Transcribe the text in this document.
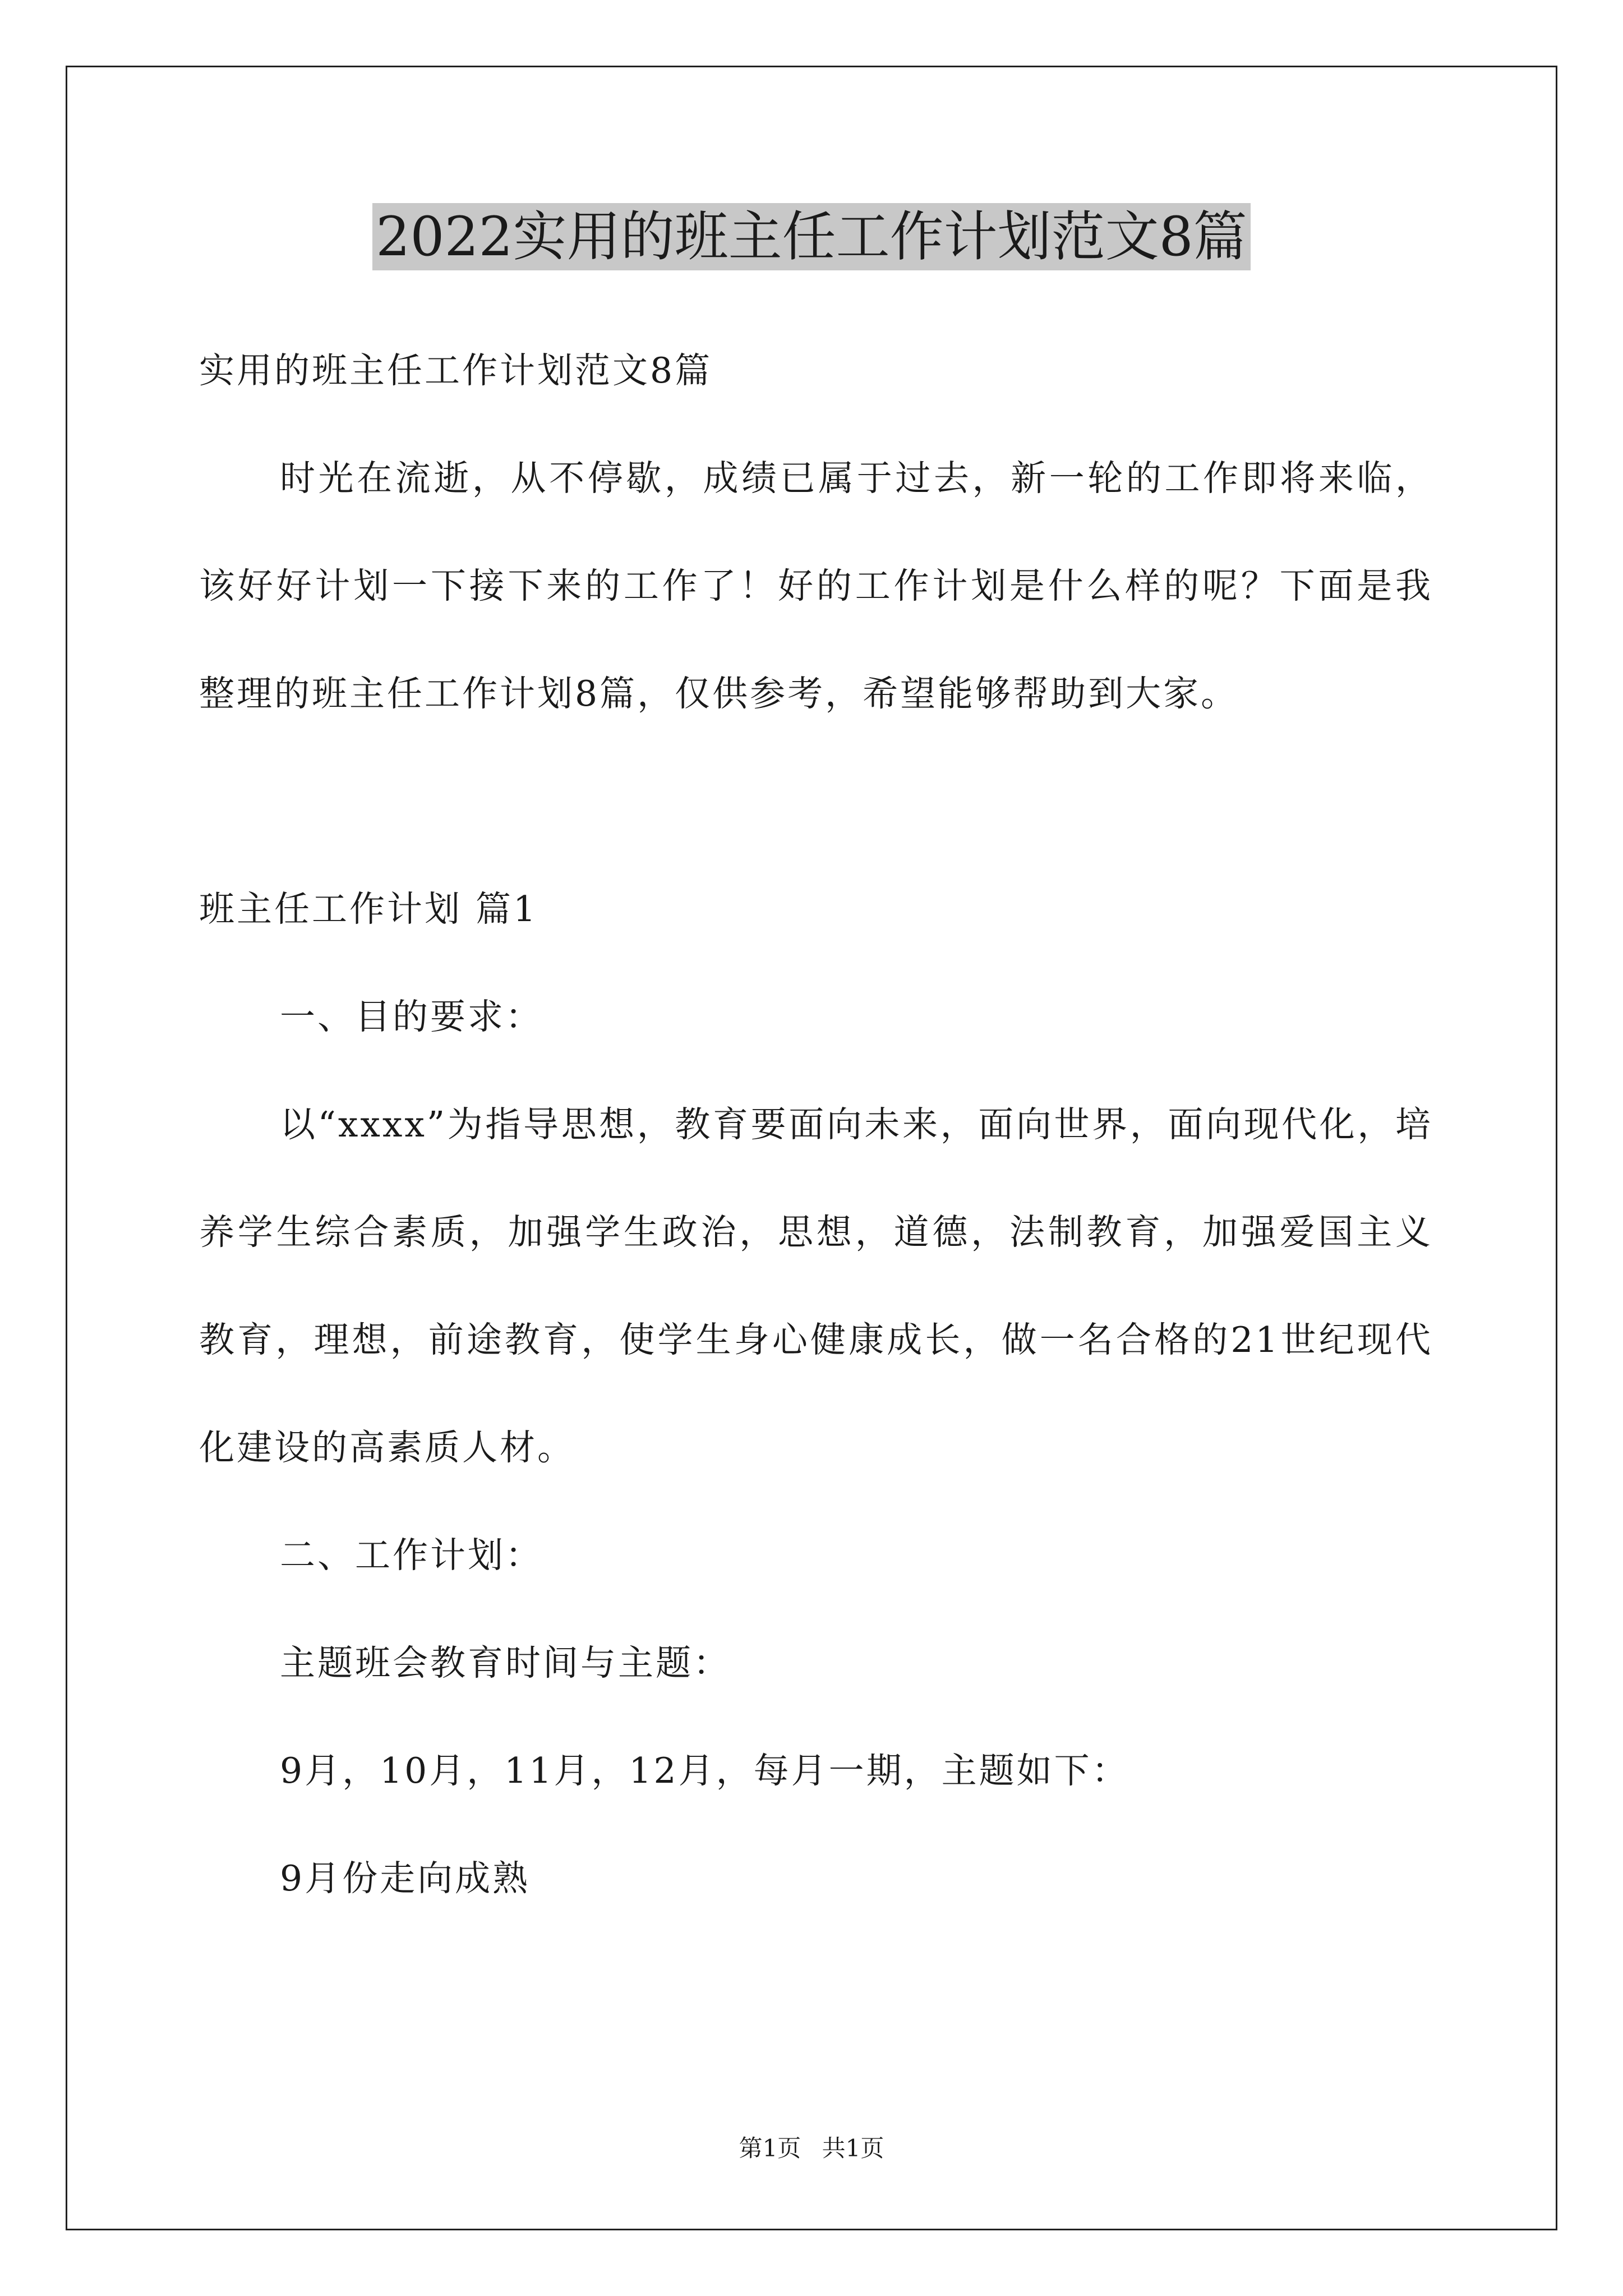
2022实用的班主任工作计划范文8篇

实用的班主任工作计划范文8篇

时光在流逝，从不停歇，成绩已属于过去，新一轮的工作即将来临，该好好计划一下接下来的工作了！好的工作计划是什么样的呢？下面是我整理的班主任工作计划8篇，仅供参考，希望能够帮助到大家。

班主任工作计划 篇1

一、目的要求：

以“xxxx”为指导思想，教育要面向未来，面向世界，面向现代化，培养学生综合素质，加强学生政治，思想，道德，法制教育，加强爱国主义教育，理想，前途教育，使学生身心健康成长，做一名合格的21世纪现代化建设的高素质人材。

二、工作计划：

主题班会教育时间与主题：

9月，10月，11月，12月，每月一期，主题如下：

9月份走向成熟

第1页 共1页
